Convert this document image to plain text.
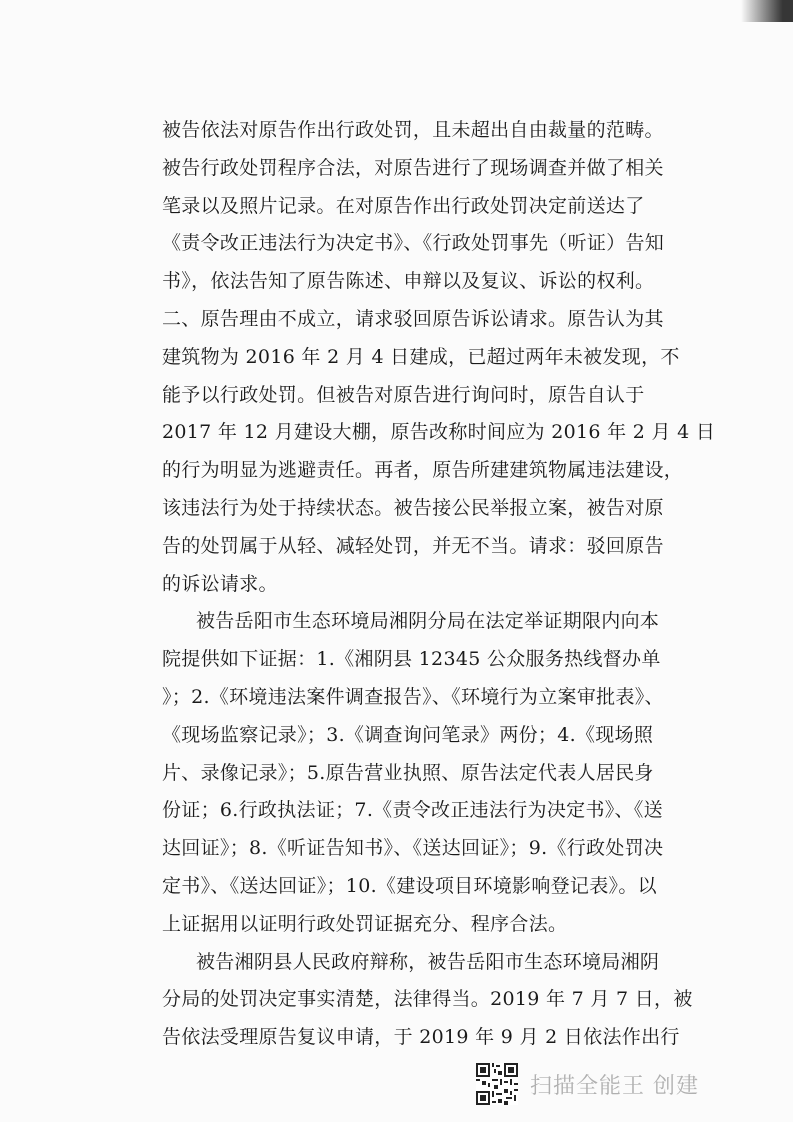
被告依法对原告作出行政处罚，且未超出自由裁量的范畴。
被告行政处罚程序合法，对原告进行了现场调查并做了相关
笔录以及照片记录。在对原告作出行政处罚决定前送达了
《责令改正违法行为决定书》、《行政处罚事先（听证）告知
书》，依法告知了原告陈述、申辩以及复议、诉讼的权利。
二、原告理由不成立，请求驳回原告诉讼请求。原告认为其
建筑物为 2016 年 2 月 4 日建成，已超过两年未被发现，不
能予以行政处罚。但被告对原告进行询问时，原告自认于
2017 年 12 月建设大棚，原告改称时间应为 2016 年 2 月 4 日
的行为明显为逃避责任。再者，原告所建建筑物属违法建设，
该违法行为处于持续状态。被告接公民举报立案，被告对原
告的处罚属于从轻、减轻处罚，并无不当。请求：驳回原告
的诉讼请求。
被告岳阳市生态环境局湘阴分局在法定举证期限内向本
院提供如下证据：1.《湘阴县 12345 公众服务热线督办单
》；2.《环境违法案件调查报告》、《环境行为立案审批表》、
《现场监察记录》；3.《调查询问笔录》两份；4.《现场照
片、录像记录》；5.原告营业执照、原告法定代表人居民身
份证；6.行政执法证；7.《责令改正违法行为决定书》、《送
达回证》；8.《听证告知书》、《送达回证》；9.《行政处罚决
定书》、《送达回证》；10.《建设项目环境影响登记表》。以
上证据用以证明行政处罚证据充分、程序合法。
被告湘阴县人民政府辩称，被告岳阳市生态环境局湘阴
分局的处罚决定事实清楚，法律得当。2019 年 7 月 7 日，被
告依法受理原告复议申请，于 2019 年 9 月 2 日依法作出行
扫描全能王 创建
